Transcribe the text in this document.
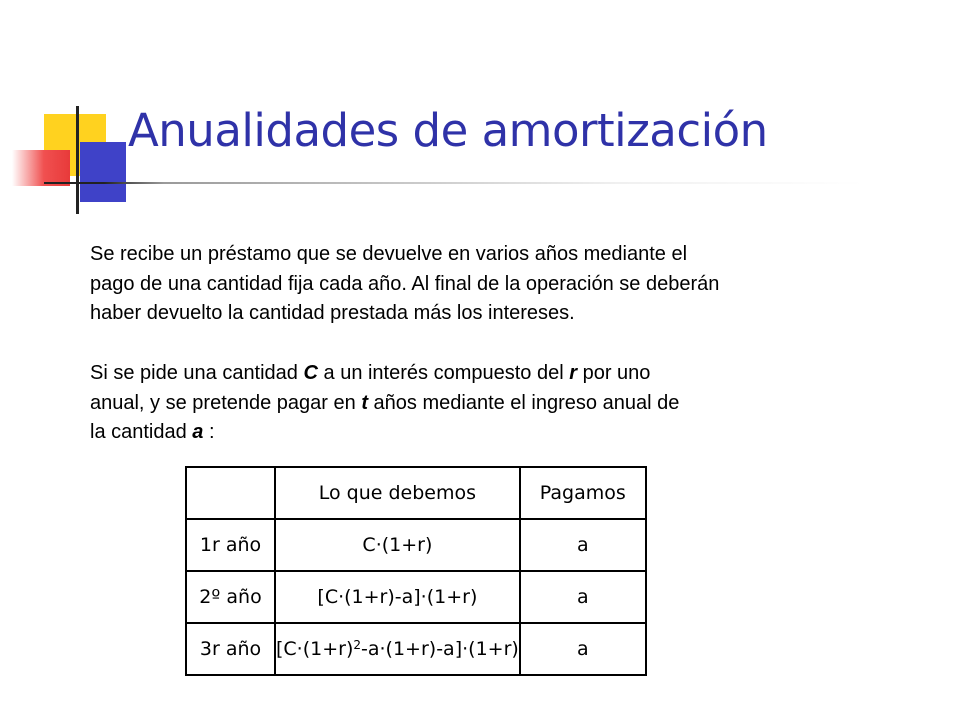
Anualidades de amortización

Se recibe un préstamo que se devuelve en varios años mediante el
pago de una cantidad fija cada año. Al final de la operación se deberán
haber devuelto la cantidad prestada más los intereses.

Si se pide una cantidad C a un interés compuesto del r por uno
anual, y se pretende pagar en t años mediante el ingreso anual de
la cantidad a :

	Lo que debemos	Pagamos
1r año	C·(1+r)	a
2º año	[C·(1+r)-a]·(1+r)	a
3r año	$[C\cdot(1+r)^2-a\cdot(1+r)-a]\cdot(1+r)$	a
